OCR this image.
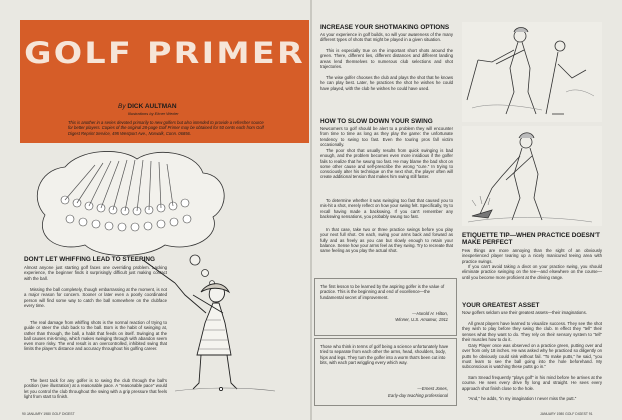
GOLF PRIMER
By DICK AULTMAN
Illustrations by Elmer Wexler
This is another in a series devoted primarily to new golfers but also intended to provide a refresher source for better players. Copies of the original 28-page Golf Primer may be obtained for 50 cents each from Golf Digest Reprint Service, 495 Westport Ave., Norwalk, Conn. 06856.
DON'T LET WHIFFING LEAD TO STEERING

Almost anyone just starting golf faces one overriding problem. Lacking experience, the beginner finds it surprisingly difficult just making contact with the ball.

Missing the ball completely, though embarrassing at the moment, is not a major reason for concern. Sooner or later even a poorly coordinated person will find some way to catch the ball somewhere on the clubface every time.

The real damage from whiffing shots is the normal reaction of trying to guide or steer the club back to the ball. Born is the habit of swinging at, rather than through, the ball, a habit that feeds on itself. Swinging at the ball causes mis-timing, which makes swinging through with abandon seem even more risky. The end result is an overcontrolled, inhibited swing that limits the player's distance and accuracy throughout his golfing career.

The best tack for any golfer is to swing the club through the ball's position (see illustration) at a reasonable pace. A "reasonable pace" would let you control the club throughout the swing with a grip pressure that feels light from start to finish.

INCREASE YOUR SHOTMAKING OPTIONS

As your experience in golf builds, so will your awareness of the many different types of shots that might be played in a given situation.

This is especially true on the important short shots around the green. There, different lies, different distances and different landing areas lend themselves to numerous club selections and shot trajectories.

The wise golfer chooses the club and plays the shot that he knows he can play best. Later, he practices the shot he wishes he could have played, with the club he wishes he could have used.

HOW TO SLOW DOWN YOUR SWING

Newcomers to golf should be alert to a problem they will encounter from time to time as long as they play the game: the unfortunate tendency to swing too fast. Even the touring pros fall victim occasionally.

The poor shot that usually results from quick swinging is bad enough, and the problem becomes even more insidious if the golfer fails to realize that he swung too fast. He may blame the bad shot on some other cause and self-prescribe the wrong "cure." In trying to consciously alter his technique on the next shot, the player often will create additional tension that makes him swing still faster.

To determine whether it was swinging too fast that caused you to mis-hit a shot, merely reflect on how your swing felt. Specifically, try to recall having made a backswing. If you can't remember any backswing sensations, you probably swung too fast.

In that case, take two or three practice swings before you play your next full shot. On each, swing your arms back and forward as fully and as freely as you can but slowly enough to retain your balance. Sense how your arms feel as they swing. Try to recreate that same feeling as you play the actual shot.

The first lesson to be learned by the aspiring golfer is the value of practice. This is the beginning and end of excellence—the fundamental secret of improvement.
—Harold H. Hilton,
Winner, U.S. Amateur, 1911
Those who think in terms of golf being a science unfortunately have tried to separate from each other the arms, head, shoulders, body, hips and legs. They turn the golfer into a worm that's been cut into bits, with each part wriggling every which way.
—Ernest Jones,
Early-day teaching professional
ETIQUETTE TIP—WHEN PRACTICE DOESN'T MAKE PERFECT

Few things are more annoying than the sight of an obviously inexperienced player tearing up a nicely manicured teeing area with practice swings.

If you can't avoid taking a divot on your practice swing, you should eliminate practice swinging on the tee—and elsewhere on the course—until you become more proficient at the driving range.

YOUR GREATEST ASSET

Now golfers seldom use their greatest assets—their imaginations.

All great players have learned to visualize success. They see the shot they wish to play before they swing the club. In effect they "tell" their senses what they want to do. They rely on their sensory system to "tell" their muscles how to do it.

Gary Player once was observed on a practice green, putting over and over from only 18 inches. He was asked why he practiced so diligently on putts he obviously could sink without fail. "To make putts," he said, "you must learn to see the ball going into the hole beforehand. My subconscious is watching these putts go in."

Sam Snead frequently "plays golf" in his mind before he arrives at the course. He sees every drive fly long and straight. He sees every approach shot finish close to the hole.

"And," he adds, "in my imagination I never miss the putt."

90 JANUARY 1980 GOLF DIGEST	JANUARY 1980 GOLF DIGEST 91
